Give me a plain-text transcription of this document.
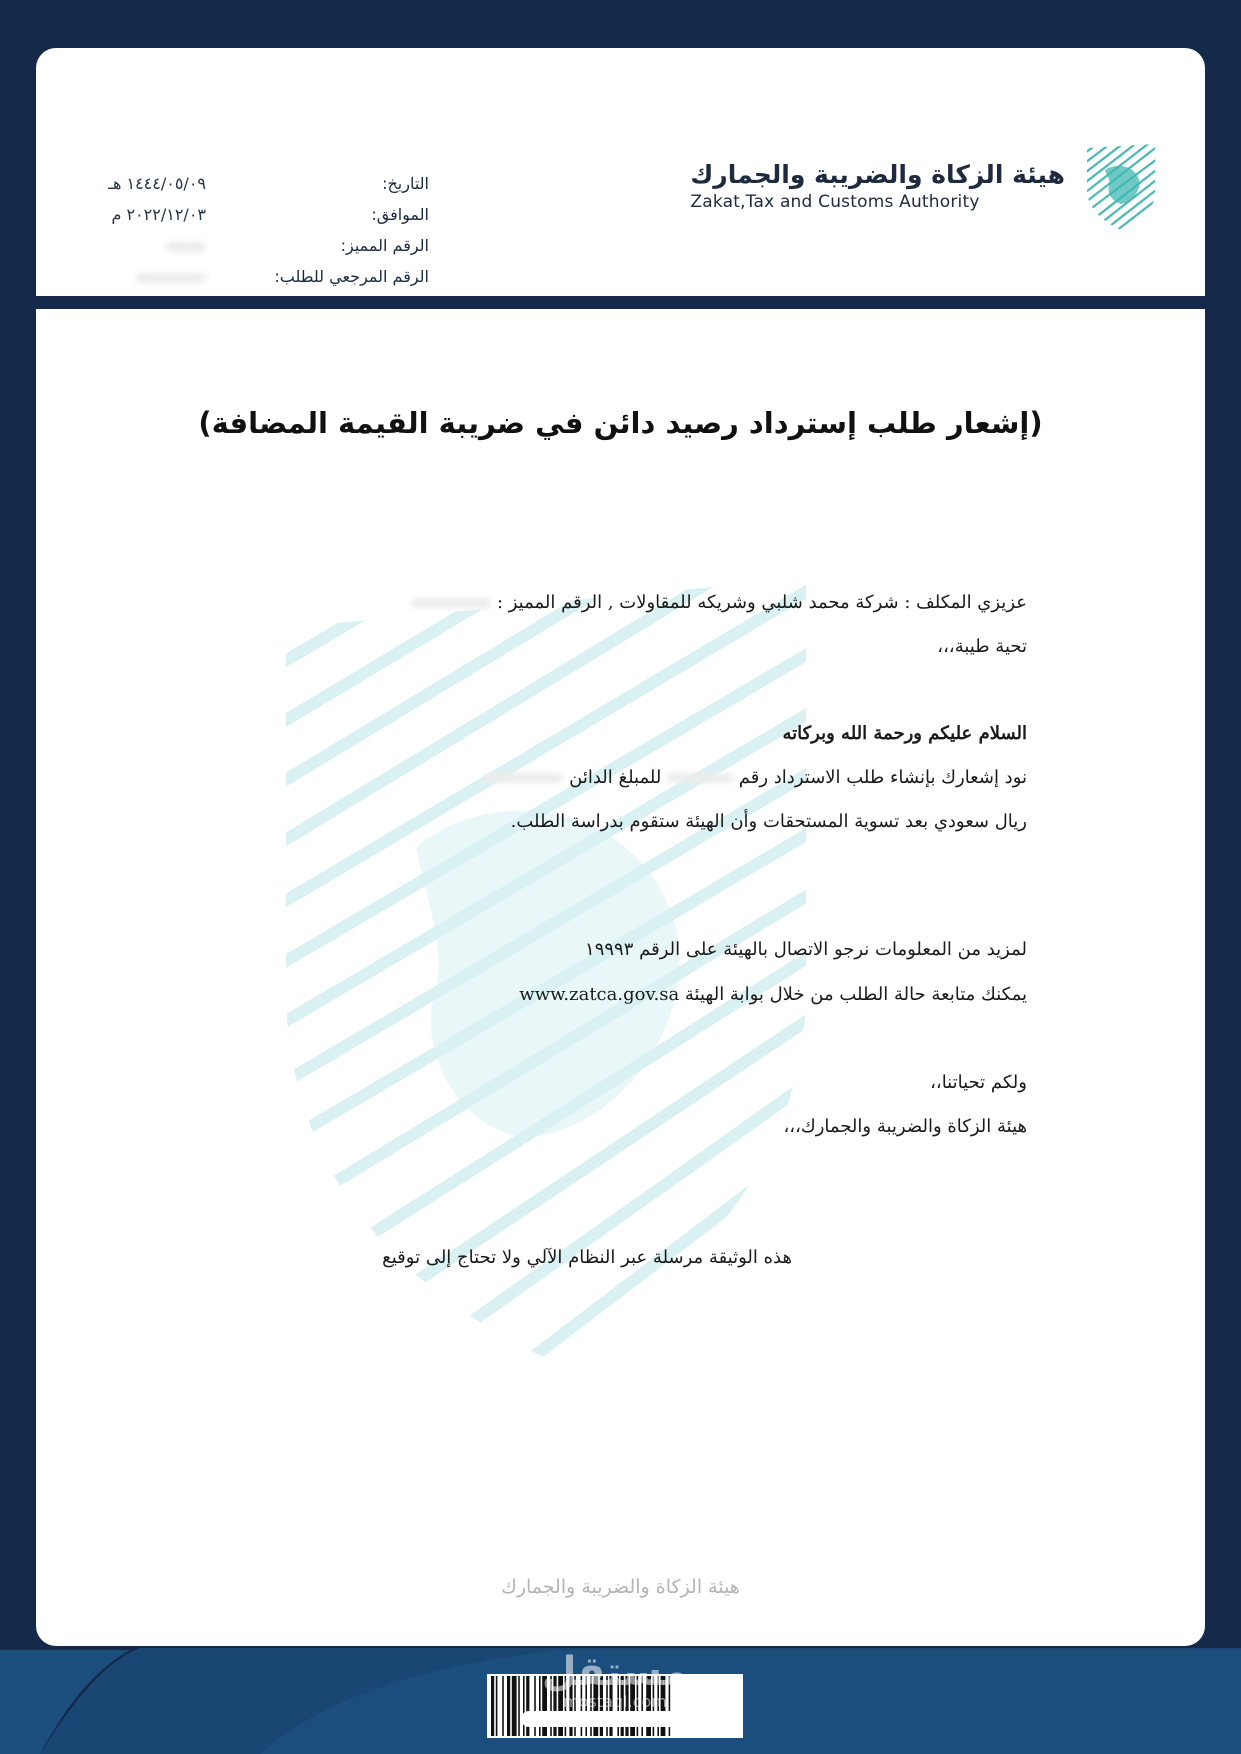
هيئة الزكاة والضريبة والجمارك
Zakat,Tax and Customs Authority
التاريخ:
الموافق:
الرقم المميز:
الرقم المرجعي للطلب:
١٤٤٤/٠٥/٠٩ هـ
٢٠٢٢/١٢/٠٣ م
(إشعار طلب إسترداد رصيد دائن في ضريبة القيمة المضافة)
عزيزي المكلف : شركة محمد شلبي وشريكه للمقاولات , الرقم المميز :
تحية طيبة،،،
السلام عليكم ورحمة الله وبركاته
نود إشعارك بإنشاء طلب الاسترداد رقم  للمبلغ الدائن
ريال سعودي بعد تسوية المستحقات وأن الهيئة ستقوم بدراسة الطلب.
لمزيد من المعلومات نرجو الاتصال بالهيئة على الرقم ١٩٩٩٣
يمكنك متابعة حالة الطلب من خلال بوابة الهيئة www.zatca.gov.sa
ولكم تحياتنا،،
هيئة الزكاة والضريبة والجمارك،،،
هذه الوثيقة مرسلة عبر النظام الآلي ولا تحتاج إلى توقيع
هيئة الزكاة والضريبة والجمارك
مستقل
mostaql.com
